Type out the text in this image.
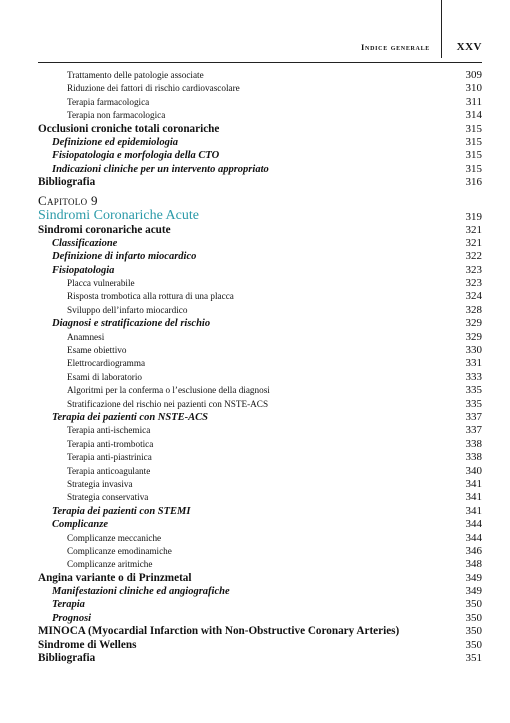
Indice generale XXV
Trattamento delle patologie associate	309
Riduzione dei fattori di rischio cardiovascolare	310
Terapia farmacologica	311
Terapia non farmacologica	314
Occlusioni croniche totali coronariche	315
Definizione ed epidemiologia	315
Fisiopatologia e morfologia della CTO	315
Indicazioni cliniche per un intervento appropriato	315
Bibliografia	316
Capitolo 9
Sindromi Coronariche Acute	319
Sindromi coronariche acute	321
Classificazione	321
Definizione di infarto miocardico	322
Fisiopatologia	323
Placca vulnerabile	323
Risposta trombotica alla rottura di una placca	324
Sviluppo dell’infarto miocardico	328
Diagnosi e stratificazione del rischio	329
Anamnesi	329
Esame obiettivo	330
Elettrocardiogramma	331
Esami di laboratorio	333
Algoritmi per la conferma o l’esclusione della diagnosi	335
Stratificazione del rischio nei pazienti con NSTE-ACS	335
Terapia dei pazienti con NSTE-ACS	337
Terapia anti-ischemica	337
Terapia anti-trombotica	338
Terapia anti-piastrinica	338
Terapia anticoagulante	340
Strategia invasiva	341
Strategia conservativa	341
Terapia dei pazienti con STEMI	341
Complicanze	344
Complicanze meccaniche	344
Complicanze emodinamiche	346
Complicanze aritmiche	348
Angina variante o di Prinzmetal	349
Manifestazioni cliniche ed angiografiche	349
Terapia	350
Prognosi	350
MINOCA (Myocardial Infarction with Non-Obstructive Coronary Arteries)	350
Sindrome di Wellens	350
Bibliografia	351
